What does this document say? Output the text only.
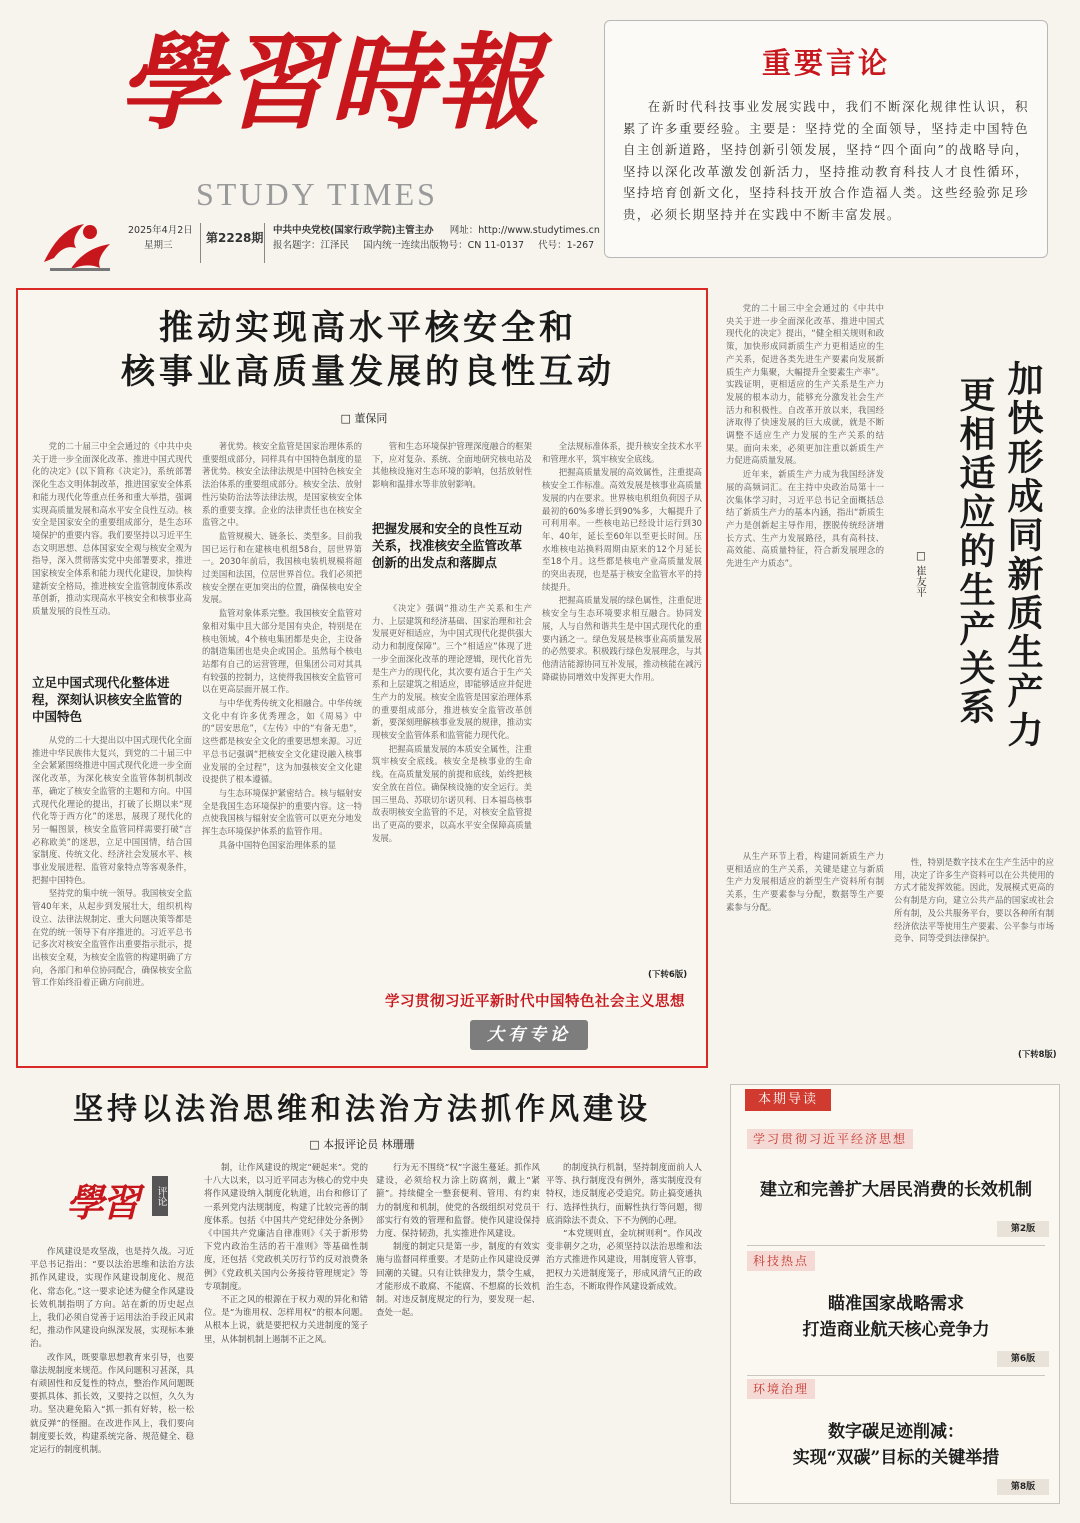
學習時報
STUDY TIMES
2025年4月2日
星期三
第2228期
中共中央党校(国家行政学院)主管主办 网址：http://www.studytimes.cn
报名题字：江泽民 国内统一连续出版物号：CN 11-0137 代号：1-267
重要言论
在新时代科技事业发展实践中，我们不断深化规律性认识，积累了许多重要经验。主要是：坚持党的全面领导，坚持走中国特色自主创新道路，坚持创新引领发展，坚持“四个面向”的战略导向，坚持以深化改革激发创新活力，坚持推动教育科技人才良性循环，坚持培育创新文化，坚持科技开放合作造福人类。这些经验弥足珍贵，必须长期坚持并在实践中不断丰富发展。
推动实现高水平核安全和
核事业高质量发展的良性互动
□ 董保同

党的二十届三中全会通过的《中共中央关于进一步全面深化改革、推进中国式现代化的决定》(以下简称《决定》)，系统部署深化生态文明体制改革，推进国家安全体系和能力现代化等重点任务和重大举措，强调实现高质量发展和高水平安全良性互动。核安全是国家安全的重要组成部分，是生态环境保护的重要内容。我们要坚持以习近平生态文明思想、总体国家安全观与核安全观为指导，深入贯彻落实党中央部署要求，推进国家核安全体系和能力现代化建设，加快构建新安全格局，推进核安全监管制度体系改革创新，推动实现高水平核安全和核事业高质量发展的良性互动。

立足中国式现代化整体进程，深刻认识核安全监管的中国特色

从党的二十大提出以中国式现代化全面推进中华民族伟大复兴，到党的二十届三中全会紧紧围绕推进中国式现代化进一步全面深化改革，为深化核安全监管体制机制改革，确定了核安全监管的主题和方向。中国式现代化理论的提出，打破了长期以来“现代化等于西方化”的迷思，展现了现代化的另一幅图景，核安全监管同样需要打破“言必称欧美”的迷思，立足中国国情，结合国家制度、传统文化、经济社会发展水平、核事业发展进程、监管对象特点等客观条件，把握中国特色。

坚持党的集中统一领导。我国核安全监管40年来，从起步到发展壮大，组织机构设立、法律法规制定、重大问题决策等都是在党的统一领导下有序推进的。习近平总书记多次对核安全监管作出重要指示批示，提出核安全观，为核安全监管的构建明确了方向，各部门和单位协同配合，确保核安全监管工作始终沿着正确方向前进。

著优势。核安全监管是国家治理体系的重要组成部分，同样具有中国特色制度的显著优势。核安全法律法规是中国特色核安全法治体系的重要组成部分。核安全法、放射性污染防治法等法律法规，是国家核安全体系的重要支撑。企业的法律责任也在核安全监管之中。

监管规模大、链条长、类型多。目前我国已运行和在建核电机组58台，居世界第一。2030年前后，我国核电装机规模将超过美国和法国，位居世界首位。我们必须把核安全摆在更加突出的位置，确保核电安全发展。

监管对象体系完整。我国核安全监管对象相对集中且大部分是国有央企，特别是在核电领域。4个核电集团都是央企，主设备的制造集团也是央企或国企。虽然每个核电站都有自己的运营管理，但集团公司对其具有较强的控制力，这使得我国核安全监管可以在更高层面开展工作。

与中华优秀传统文化相融合。中华传统文化中有许多优秀理念，如《周易》中的“居安思危”，《左传》中的“有备无患”，这些都是核安全文化的重要思想来源。习近平总书记强调“把核安全文化建设融入核事业发展的全过程”，这为加强核安全文化建设提供了根本遵循。

与生态环境保护紧密结合。核与辐射安全是我国生态环境保护的重要内容。这一特点使我国核与辐射安全监管可以更充分地发挥生态环境保护体系的监管作用。

具备中国特色国家治理体系的显

管和生态环境保护管理深度融合的框架下，应对复杂、系统、全面地研究核电站及其他核设施对生态环境的影响，包括放射性影响和温排水等非放射影响。

把握发展和安全的良性互动关系，找准核安全监管改革创新的出发点和落脚点

《决定》强调“推动生产关系和生产力、上层建筑和经济基础、国家治理和社会发展更好相适应，为中国式现代化提供强大动力和制度保障”。三个“相适应”体现了进一步全面深化改革的理论逻辑，现代化首先是生产力的现代化，其次要有适合于生产关系和上层建筑之相适应，即能够适应并促进生产力的发展。核安全监管是国家治理体系的重要组成部分，推进核安全监管改革创新，要深刻理解核事业发展的规律，推动实现核安全监管体系和监管能力现代化。

把握高质量发展的本质安全属性，注重筑牢核安全底线。核安全是核事业的生命线。在高质量发展的前提和底线，始终把核安全放在首位。确保核设施的安全运行。美国三里岛、苏联切尔诺贝利、日本福岛核事故表明核安全监管的不足，对核安全监管提出了更高的要求，以高水平安全保障高质量发展。

全法规标准体系，提升核安全技术水平和管理水平，筑牢核安全底线。

把握高质量发展的高效属性，注重提高核安全工作标准。高效发展是核事业高质量发展的内在要求。世界核电机组负荷因子从最初的60%多增长到90%多，大幅提升了可利用率。一些核电站已经设计运行到30年、40年，延长至60年以至更长时间。压水堆核电站换料周期由原来的12个月延长至18个月。这些都是核电产业高质量发展的突出表现，也是基于核安全监管水平的持续提升。

把握高质量发展的绿色属性，注重促进核安全与生态环境要求相互融合。协同发展，人与自然和谐共生是中国式现代化的重要内涵之一。绿色发展是核事业高质量发展的必然要求。积极践行绿色发展理念，与其他清洁能源协同互补发展，推动核能在减污降碳协同增效中发挥更大作用。

(下转6版)
学习贯彻习近平新时代中国特色社会主义思想
大有专论

党的二十届三中全会通过的《中共中央关于进一步全面深化改革、推进中国式现代化的决定》提出，“健全相关规则和政策，加快形成同新质生产力更相适应的生产关系，促进各类先进生产要素向发展新质生产力集聚，大幅提升全要素生产率”。实践证明，更相适应的生产关系是生产力发展的根本动力，能够充分激发社会生产活力和积极性。自改革开放以来，我国经济取得了快速发展的巨大成就，就是不断调整不适应生产力发展的生产关系的结果。面向未来，必须更加注重以新质生产力促进高质量发展。

近年来，新质生产力成为我国经济发展的高频词汇。在主持中央政治局第十一次集体学习时，习近平总书记全面概括总结了新质生产力的基本内涵，指出“新质生产力是创新起主导作用，摆脱传统经济增长方式、生产力发展路径，具有高科技、高效能、高质量特征，符合新发展理念的先进生产力质态”。

从生产环节上看，构建同新质生产力更相适应的生产关系，关键是建立与新质生产力发展相适应的新型生产资料所有制关系，生产要素参与分配，数据等生产要素参与分配。

加快形成同新质生产力
更相适应的生产关系
□ 崔友平

性，特别是数字技术在生产生活中的应用，决定了许多生产资料可以在公共使用的方式才能发挥效能。因此，发展模式更高的公有制是方向，建立公共产品的国家或社会所有制，及公共服务平台，要以各种所有制经济依法平等使用生产要素、公平参与市场竞争、同等受到法律保护。

(下转8版)
坚持以法治思维和法治方法抓作风建设
□ 本报评论员 林珊珊
學習	评论

作风建设是攻坚战，也是持久战。习近平总书记指出：“要以法治思维和法治方法抓作风建设，实现作风建设制度化、规范化、常态化。”这一要求论述为健全作风建设长效机制指明了方向。站在新的历史起点上，我们必须自觉善于运用法治手段正风肃纪，推动作风建设向纵深发展，实现标本兼治。

改作风，既要靠思想教育来引导，也要靠法规制度来规范。作风问题积习甚深，具有顽固性和反复性的特点，整治作风问题既要抓具体、抓长效，又要持之以恒，久久为功。坚决避免陷入“抓一抓有好转，松一松就反弹”的怪圈。在改进作风上，我们要向制度要长效，构建系统完备、规范健全、稳定运行的制度机制。

制，让作风建设的规定“硬起来”。党的十八大以来，以习近平同志为核心的党中央将作风建设纳入制度化轨道，出台和修订了一系列党内法规制度，构建了比较完善的制度体系。包括《中国共产党纪律处分条例》《中国共产党廉洁自律准则》《关于新形势下党内政治生活的若干准则》等基础性制度，还包括《党政机关厉行节约反对浪费条例》《党政机关国内公务接待管理规定》等专项制度。

不正之风的根源在于权力观的异化和错位。是“为谁用权、怎样用权”的根本问题。从根本上说，就是要把权力关进制度的笼子里，从体制机制上遏制不正之风。

行为无不围绕“权”字滋生蔓延。抓作风建设，必须给权力涂上防腐剂，戴上“紧箍”。持续健全一整套便利、管用、有约束力的制度和机制，使党的各级组织对党员干部实行有效的管理和监督。使作风建设保持力度、保持韧劲，扎实推进作风建设。

制度的制定只是第一步，制度的有效实施与监督同样重要。才是防止作风建设反弹回潮的关键。只有让铁律发力，禁令生威，才能形成不敢腐、不能腐、不想腐的长效机制。对违反制度规定的行为，要发现一起、查处一起。

的制度执行机制，坚持制度面前人人平等、执行制度没有例外，落实制度没有特权，违反制度必受追究。防止搞变通执行、选择性执行，面解性执行等问题，彻底消除法不责众、下不为例的心理。

“本党规则直，金坑树则利”。作风改变非朝夕之功，必须坚持以法治思维和法治方式推进作风建设，用制度管人管事，把权力关进制度笼子，形成风清气正的政治生态，不断取得作风建设新成效。

本期导读
学习贯彻习近平经济思想
建立和完善扩大居民消费的长效机制
第2版
科技热点
瞄准国家战略需求
打造商业航天核心竞争力
第6版
环境治理
数字碳足迹削减：
实现“双碳”目标的关键举措
第8版
